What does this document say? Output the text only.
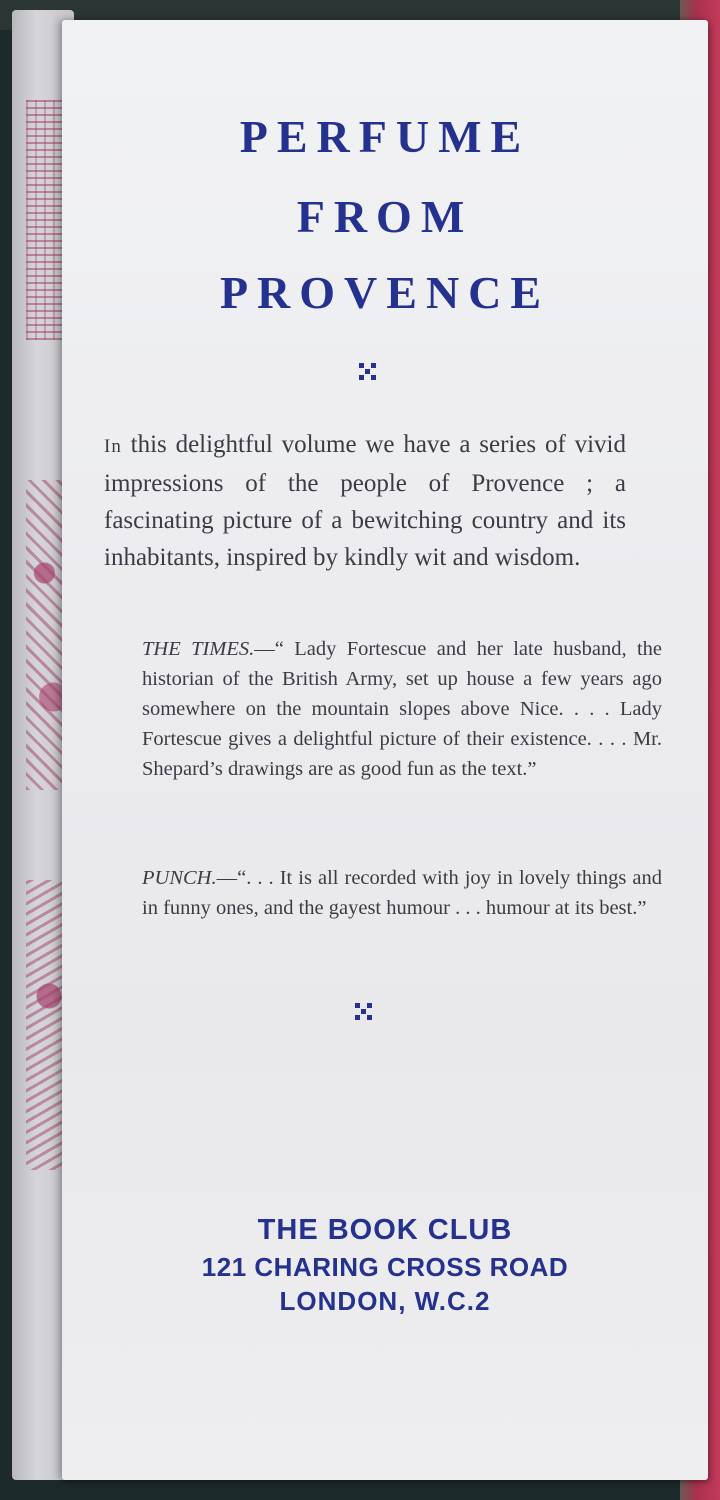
PERFUME
FROM
PROVENCE
In this delightful volume we have a series of vivid impressions of the people of Provence ; a fascinating picture of a bewitching country and its inhabitants, inspired by kindly wit and wisdom.
THE TIMES.—“ Lady Fortescue and her late husband, the historian of the British Army, set up house a few years ago somewhere on the mountain slopes above Nice. . . . Lady Fortescue gives a delightful picture of their existence. . . . Mr. Shepard’s drawings are as good fun as the text.”
PUNCH.—“. . . It is all recorded with joy in lovely things and in funny ones, and the gayest humour . . . humour at its best.”
THE BOOK CLUB
121 CHARING CROSS ROAD
LONDON, W.C.2
